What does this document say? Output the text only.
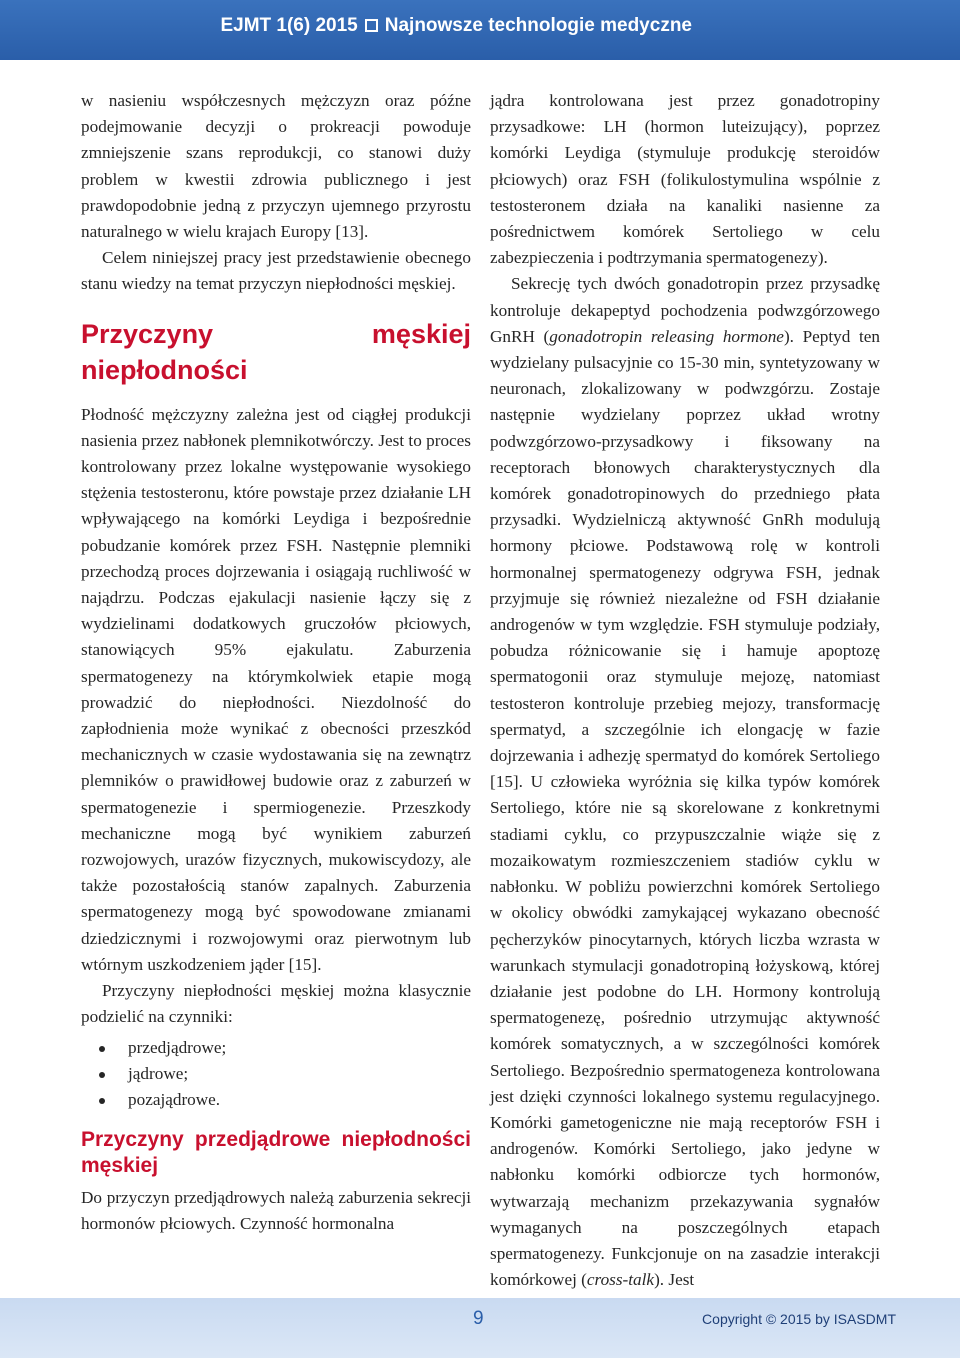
EJMT 1(6) 2015 Najnowsze technologie medyczne

w nasieniu współczesnych mężczyzn oraz późne podejmowanie decyzji o prokreacji powoduje zmniejszenie szans reprodukcji, co stanowi duży problem w kwestii zdrowia publicznego i jest prawdopodobnie jedną z przyczyn ujemnego przyrostu naturalnego w wielu krajach Europy [13].

Celem niniejszej pracy jest przedstawienie obecnego stanu wiedzy na temat przyczyn niepłodności męskiej.

Przyczyny męskiej niepłodności

Płodność mężczyzny zależna jest od ciągłej produkcji nasienia przez nabłonek plemnikotwórczy. Jest to proces kontrolowany przez lokalne występowanie wysokiego stężenia testosteronu, które powstaje przez działanie LH wpływającego na komórki Leydiga i bezpośrednie pobudzanie komórek przez FSH. Następnie plemniki przechodzą proces dojrzewania i osiągają ruchliwość w najądrzu. Podczas ejakulacji nasienie łączy się z wydzielinami dodatkowych gruczołów płciowych, stanowiących 95% ejakulatu. Zaburzenia spermatogenezy na którymkolwiek etapie mogą prowadzić do niepłodności. Niezdolność do zapłodnienia może wynikać z obecności przeszkód mechanicznych w czasie wydostawania się na zewnątrz plemników o prawidłowej budowie oraz z zaburzeń w spermatogenezie i spermiogenezie. Przeszkody mechaniczne mogą być wynikiem zaburzeń rozwojowych, urazów fizycznych, mukowiscydozy, ale także pozostałością stanów zapalnych. Zaburzenia spermatogenezy mogą być spowodowane zmianami dziedzicznymi i rozwojowymi oraz pierwotnym lub wtórnym uszkodzeniem jąder [15].

Przyczyny niepłodności męskiej można klasycznie podzielić na czynniki:

przedjądrowe;
jądrowe;
pozajądrowe.
Przyczyny przedjądrowe niepłodności męskiej

Do przyczyn przedjądrowych należą zaburzenia sekrecji hormonów płciowych. Czynność hormonalna

jądra kontrolowana jest przez gonadotropiny przysadkowe: LH (hormon luteizujący), poprzez komórki Leydiga (stymuluje produkcję steroidów płciowych) oraz FSH (folikulostymulina wspólnie z testosteronem działa na kanaliki nasienne za pośrednictwem komórek Sertoliego w celu zabezpieczenia i podtrzymania spermatogenezy).

Sekrecję tych dwóch gonadotropin przez przysadkę kontroluje dekapeptyd pochodzenia podwzgórzowego GnRH (gonadotropin releasing hormone). Peptyd ten wydzielany pulsacyjnie co 15-30 min, syntetyzowany w neuronach, zlokalizowany w podwzgórzu. Zostaje następnie wydzielany poprzez układ wrotny podwzgórzowo-przysadkowy i fiksowany na receptorach błonowych charakterystycznych dla komórek gonadotropinowych do przedniego płata przysadki. Wydzielniczą aktywność GnRh modulują hormony płciowe. Podstawową rolę w kontroli hormonalnej spermatogenezy odgrywa FSH, jednak przyjmuje się również niezależne od FSH działanie androgenów w tym względzie. FSH stymuluje podziały, pobudza różnicowanie się i hamuje apoptozę spermatogonii oraz stymuluje mejozę, natomiast testosteron kontroluje przebieg mejozy, transformację spermatyd, a szczególnie ich elongację w fazie dojrzewania i adhezję spermatyd do komórek Sertoliego [15]. U człowieka wyróżnia się kilka typów komórek Sertoliego, które nie są skorelowane z konkretnymi stadiami cyklu, co przypuszczalnie wiąże się z mozaikowatym rozmieszczeniem stadiów cyklu w nabłonku. W pobliżu powierzchni komórek Sertoliego w okolicy obwódki zamykającej wykazano obecność pęcherzyków pinocytarnych, których liczba wzrasta w warunkach stymulacji gonadotropiną łożyskową, której działanie jest podobne do LH. Hormony kontrolują spermatogenezę, pośrednio utrzymując aktywność komórek somatycznych, a w szczególności komórek Sertoliego. Bezpośrednio spermatogeneza kontrolowana jest dzięki czynności lokalnego systemu regulacyjnego. Komórki gametogeniczne nie mają receptorów FSH i androgenów. Komórki Sertoliego, jako jedyne w nabłonku komórki odbiorcze tych hormonów, wytwarzają mechanizm przekazywania sygnałów wymaganych na poszczególnych etapach spermatogenezy. Funkcjonuje on na zasadzie interakcji komórkowej (cross-talk). Jest

9	Copyright © 2015 by ISASDMT
